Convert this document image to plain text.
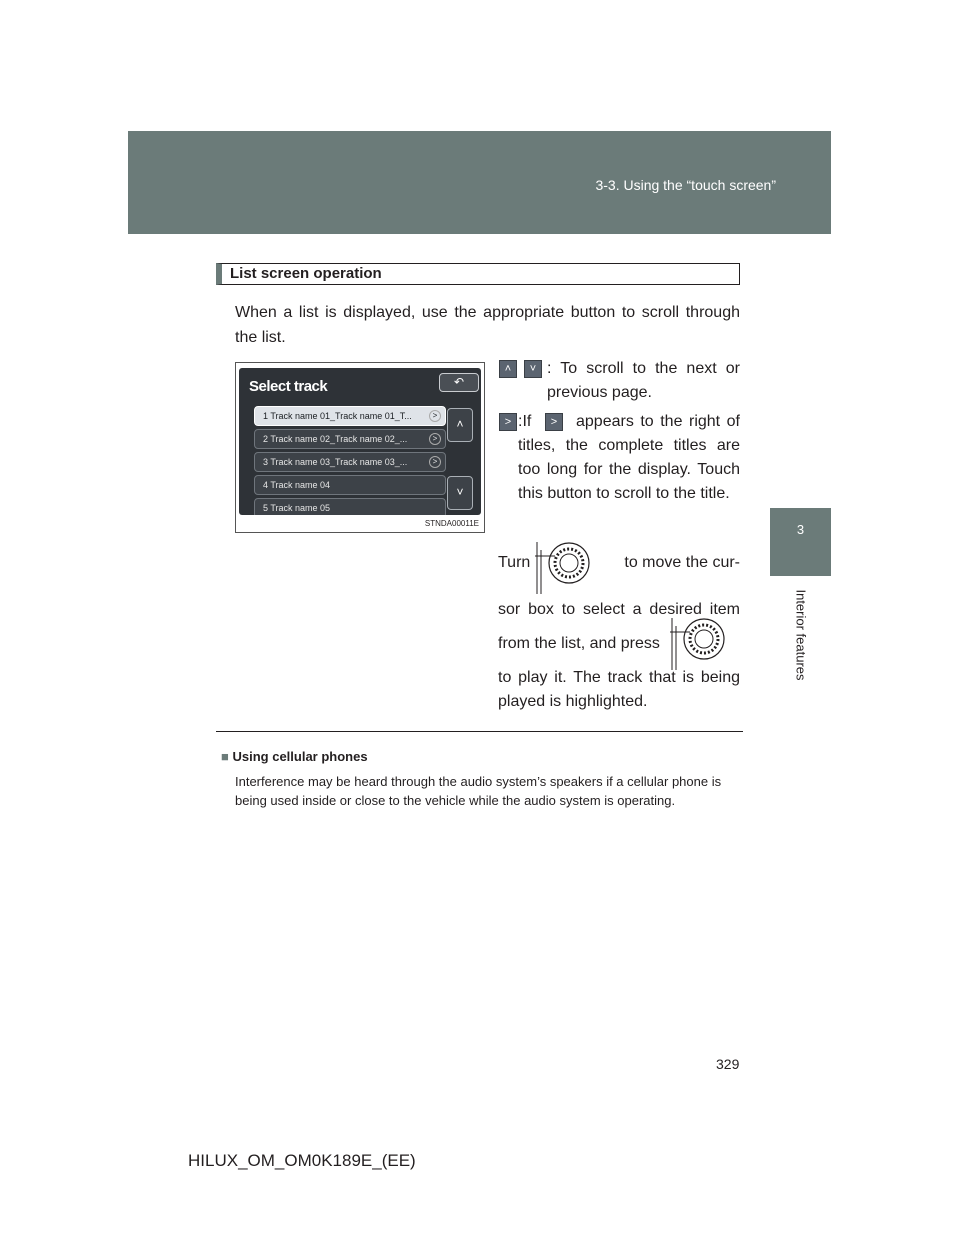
3-3. Using the “touch screen”
3
Interior features
List screen operation
When a list is displayed, use the appropriate button to scroll through the list.
Select track	↶
1 Track name 01_Track name 01_T...	>
2 Track name 02_Track name 02_...	>
3 Track name 03_Track name 03_...	>
4 Track name 04
5 Track name 05
˄
˅
STNDA00011E
˄	˅ : To scroll to the next or previous page.
> :If	>	appears to the right of titles, the complete titles are too long for the display. Touch this button to scroll to the title.
Turn	to move the cur-
sor box to select a desired item
from the list, and press
to play it. The track that is being played is highlighted.
■ Using cellular phones
Interference may be heard through the audio system’s speakers if a cellular phone is being used inside or close to the vehicle while the audio system is operating.
329
HILUX_OM_OM0K189E_(EE)
